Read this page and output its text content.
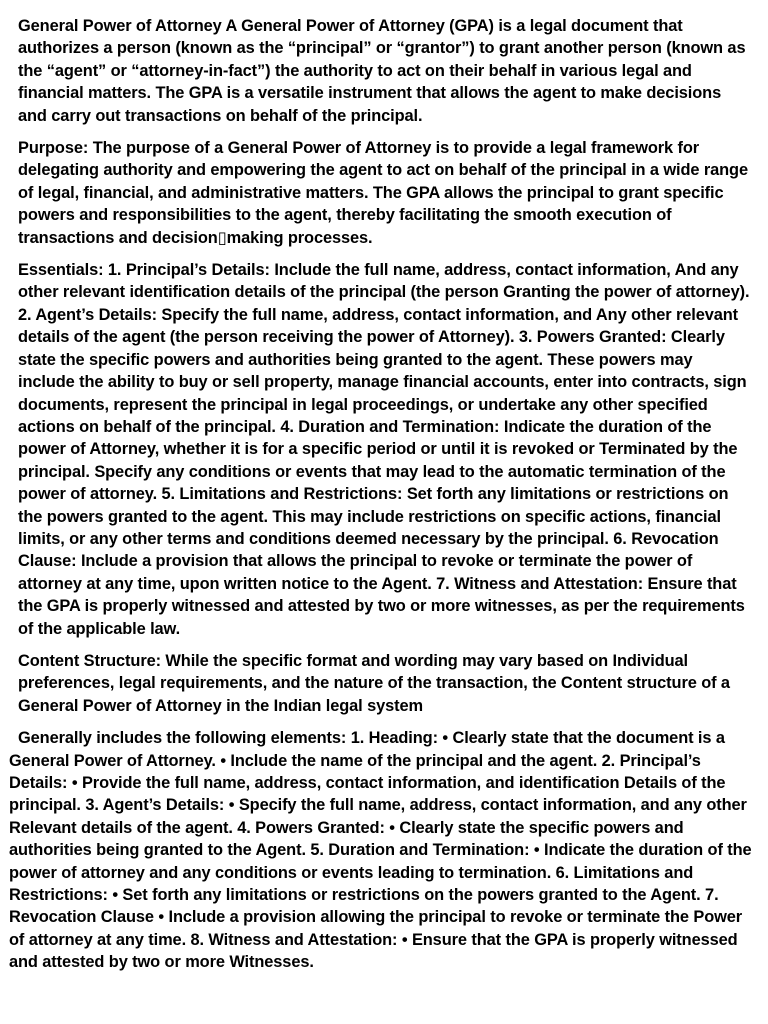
General Power of Attorney A General Power of Attorney (GPA) is a legal document that authorizes a person (known as the “principal” or “grantor”) to grant another person (known as the “agent” or “attorney-in-fact”) the authority to act on their behalf in various legal and financial matters. The GPA is a versatile instrument that allows the agent to make decisions and carry out transactions on behalf of the principal.

Purpose: The purpose of a General Power of Attorney is to provide a legal framework for delegating authority and empowering the agent to act on behalf of the principal in a wide range of legal, financial, and administrative matters. The GPA allows the principal to grant specific powers and responsibilities to the agent, thereby facilitating the smooth execution of transactions and decision▯making processes.

Essentials: 1. Principal’s Details: Include the full name, address, contact information, And any other relevant identification details of the principal (the person Granting the power of attorney). 2. Agent’s Details: Specify the full name, address, contact information, and Any other relevant details of the agent (the person receiving the power of Attorney). 3. Powers Granted: Clearly state the specific powers and authorities being granted to the agent. These powers may include the ability to buy or sell property, manage financial accounts, enter into contracts, sign documents, represent the principal in legal proceedings, or undertake any other specified actions on behalf of the principal. 4. Duration and Termination: Indicate the duration of the power of Attorney, whether it is for a specific period or until it is revoked or Terminated by the principal. Specify any conditions or events that may lead to the automatic termination of the power of attorney. 5. Limitations and Restrictions: Set forth any limitations or restrictions on the powers granted to the agent. This may include restrictions on specific actions, financial limits, or any other terms and conditions deemed necessary by the principal. 6. Revocation Clause: Include a provision that allows the principal to revoke or terminate the power of attorney at any time, upon written notice to the Agent. 7. Witness and Attestation: Ensure that the GPA is properly witnessed and attested by two or more witnesses, as per the requirements of the applicable law.

Content Structure: While the specific format and wording may vary based on Individual preferences, legal requirements, and the nature of the transaction, the Content structure of a General Power of Attorney in the Indian legal system

Generally includes the following elements: 1. Heading: • Clearly state that the document is a General Power of Attorney. • Include the name of the principal and the agent. 2. Principal’s Details: • Provide the full name, address, contact information, and identification Details of the principal. 3. Agent’s Details: • Specify the full name, address, contact information, and any other Relevant details of the agent. 4. Powers Granted: • Clearly state the specific powers and authorities being granted to the Agent. 5. Duration and Termination: • Indicate the duration of the power of attorney and any conditions or events leading to termination. 6. Limitations and Restrictions: • Set forth any limitations or restrictions on the powers granted to the Agent. 7. Revocation Clause • Include a provision allowing the principal to revoke or terminate the Power of attorney at any time. 8. Witness and Attestation: • Ensure that the GPA is properly witnessed and attested by two or more Witnesses.
